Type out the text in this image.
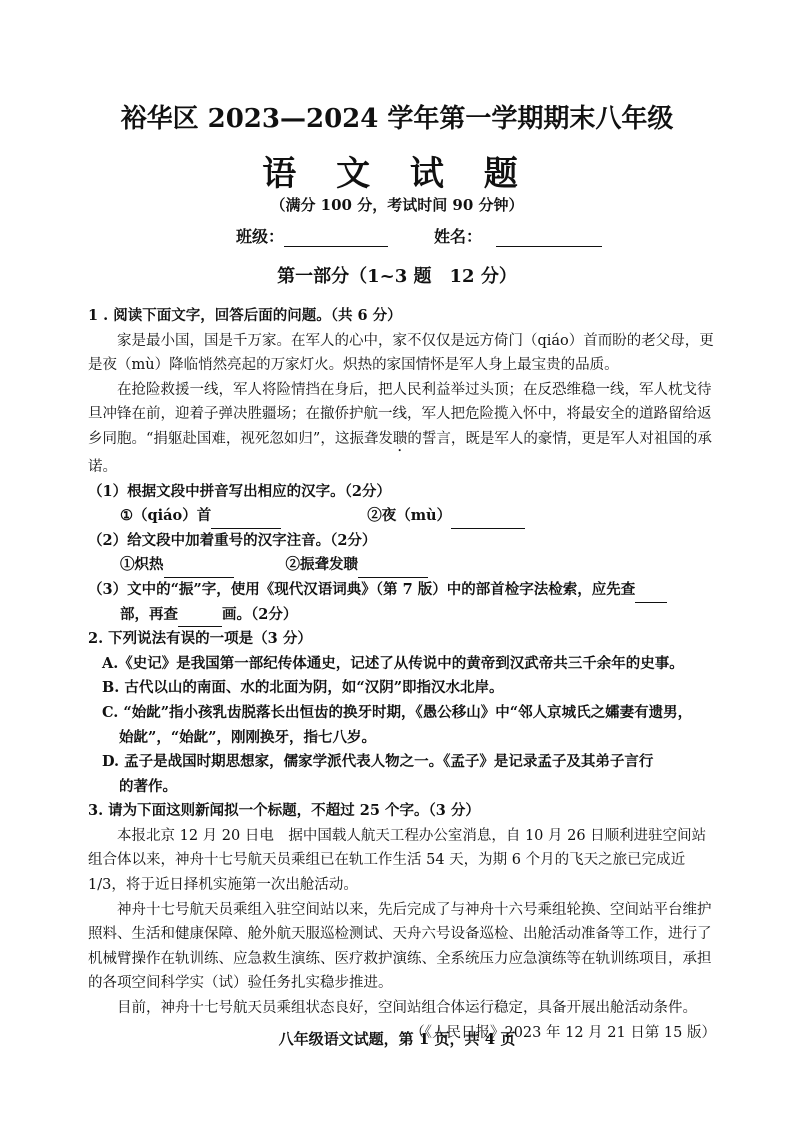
裕华区 2023—2024 学年第一学期期末八年级
语 文 试 题
（满分 100 分，考试时间 90 分钟）
班级：	姓名：
第一部分（1~3 题　12 分）

1 . 阅读下面文字，回答后面的问题。（共 6 分）

家是最小国，国是千万家。在军人的心中，家不仅仅是远方倚门（qiáo）首而盼的老父母，更是夜（mù）降临悄然亮起的万家灯火。炽热的家国情怀是军人身上最宝贵的品质。

在抢险救援一线，军人将险情挡在身后，把人民利益举过头顶；在反恐维稳一线，军人枕戈待旦冲锋在前，迎着子弹决胜疆场；在撤侨护航一线，军人把危险揽入怀中，将最安全的道路留给返乡同胞。“捐躯赴国难，视死忽如归”，这振聋发聩的誓言，既是军人的豪情，更是军人对祖国的承诺。

（1）根据文段中拼音写出相应的汉字。（2分）

①（qiáo）首	②夜（mù）

（2）给文段中加着重号的汉字注音。（2分）

①炽热	②振聋发聩

（3）文中的“振”字，使用《现代汉语词典》（第 7 版）中的部首检字法检索，应先查

部，再查	画。（2分）

2. 下列说法有误的一项是（3 分）

A.《史记》是我国第一部纪传体通史，记述了从传说中的黄帝到汉武帝共三千余年的史事。

B. 古代以山的南面、水的北面为阴，如“汉阴”即指汉水北岸。

C. “始龀”指小孩乳齿脱落长出恒齿的换牙时期，《愚公移山》中“邻人京城氏之孀妻有遗男，

始龀”，“始龀”，刚刚换牙，指七八岁。

D. 孟子是战国时期思想家，儒家学派代表人物之一。《孟子》是记录孟子及其弟子言行

的著作。

3. 请为下面这则新闻拟一个标题，不超过 25 个字。（3 分）

本报北京 12 月 20 日电　据中国载人航天工程办公室消息，自 10 月 26 日顺利进驻空间站组合体以来，神舟十七号航天员乘组已在轨工作生活 54 天，为期 6 个月的飞天之旅已完成近 1/3，将于近日择机实施第一次出舱活动。

神舟十七号航天员乘组入驻空间站以来，先后完成了与神舟十六号乘组轮换、空间站平台维护照料、生活和健康保障、舱外航天服巡检测试、天舟六号设备巡检、出舱活动准备等工作，进行了机械臂操作在轨训练、应急救生演练、医疗救护演练、全系统压力应急演练等在轨训练项目，承担的各项空间科学实（试）验任务扎实稳步推进。

目前，神舟十七号航天员乘组状态良好，空间站组合体运行稳定，具备开展出舱活动条件。

（《人民日报》2023 年 12 月 21 日第 15 版）

八年级语文试题，第 1 页，共 4 页
